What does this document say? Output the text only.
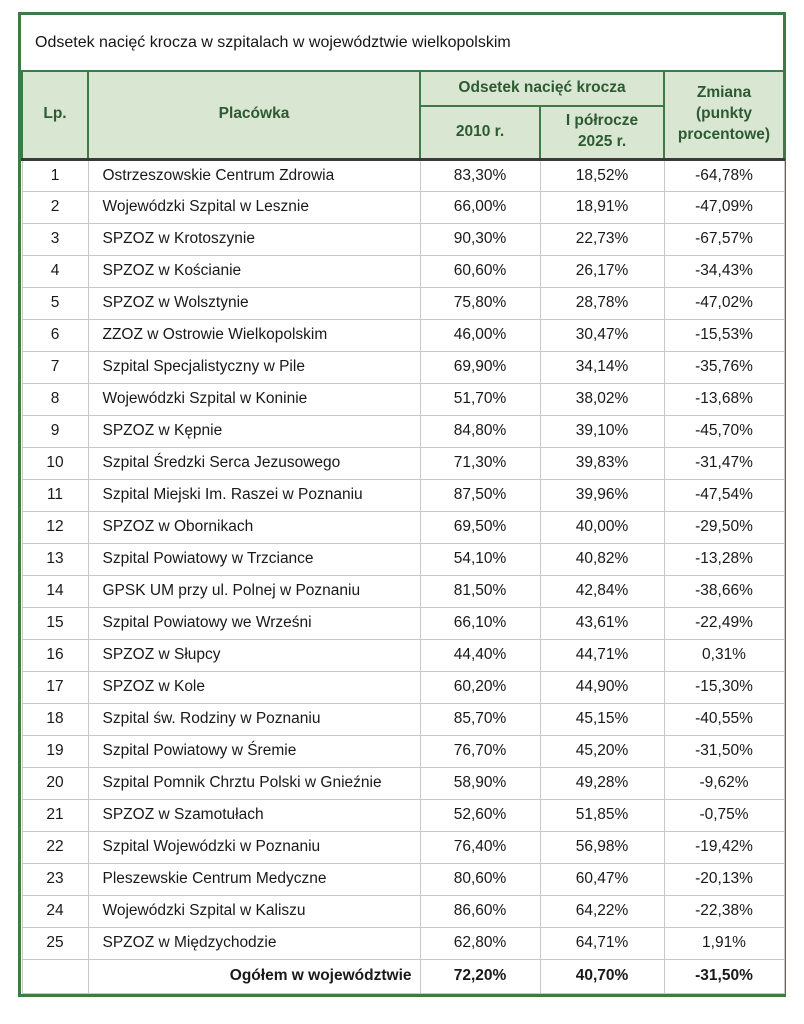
Odsetek nacięć krocza w szpitalach w województwie wielkopolskim
Lp.	Placówka	Odsetek nacięć krocza		Zmiana (punkty procentowe)
		2010 r.	I półrocze 2025 r.	
1	Ostrzeszowskie Centrum Zdrowia	83,30%	18,52%	-64,78%
2	Wojewódzki Szpital w Lesznie	66,00%	18,91%	-47,09%
3	SPZOZ w Krotoszynie	90,30%	22,73%	-67,57%
4	SPZOZ w Kościanie	60,60%	26,17%	-34,43%
5	SPZOZ w Wolsztynie	75,80%	28,78%	-47,02%
6	ZZOZ w Ostrowie Wielkopolskim	46,00%	30,47%	-15,53%
7	Szpital Specjalistyczny w Pile	69,90%	34,14%	-35,76%
8	Wojewódzki Szpital w Koninie	51,70%	38,02%	-13,68%
9	SPZOZ w Kępnie	84,80%	39,10%	-45,70%
10	Szpital Średzki Serca Jezusowego	71,30%	39,83%	-31,47%
11	Szpital Miejski Im. Raszei w Poznaniu	87,50%	39,96%	-47,54%
12	SPZOZ w Obornikach	69,50%	40,00%	-29,50%
13	Szpital Powiatowy w Trzciance	54,10%	40,82%	-13,28%
14	GPSK UM przy ul. Polnej w Poznaniu	81,50%	42,84%	-38,66%
15	Szpital Powiatowy we Wrześni	66,10%	43,61%	-22,49%
16	SPZOZ w Słupcy	44,40%	44,71%	0,31%
17	SPZOZ w Kole	60,20%	44,90%	-15,30%
18	Szpital św. Rodziny w Poznaniu	85,70%	45,15%	-40,55%
19	Szpital Powiatowy w Śremie	76,70%	45,20%	-31,50%
20	Szpital Pomnik Chrztu Polski w Gnieźnie	58,90%	49,28%	-9,62%
21	SPZOZ w Szamotułach	52,60%	51,85%	-0,75%
22	Szpital Wojewódzki w Poznaniu	76,40%	56,98%	-19,42%
23	Pleszewskie Centrum Medyczne	80,60%	60,47%	-20,13%
24	Wojewódzki Szpital w Kaliszu	86,60%	64,22%	-22,38%
25	SPZOZ w Międzychodzie	62,80%	64,71%	1,91%
	Ogółem w województwie	72,20%	40,70%	-31,50%
